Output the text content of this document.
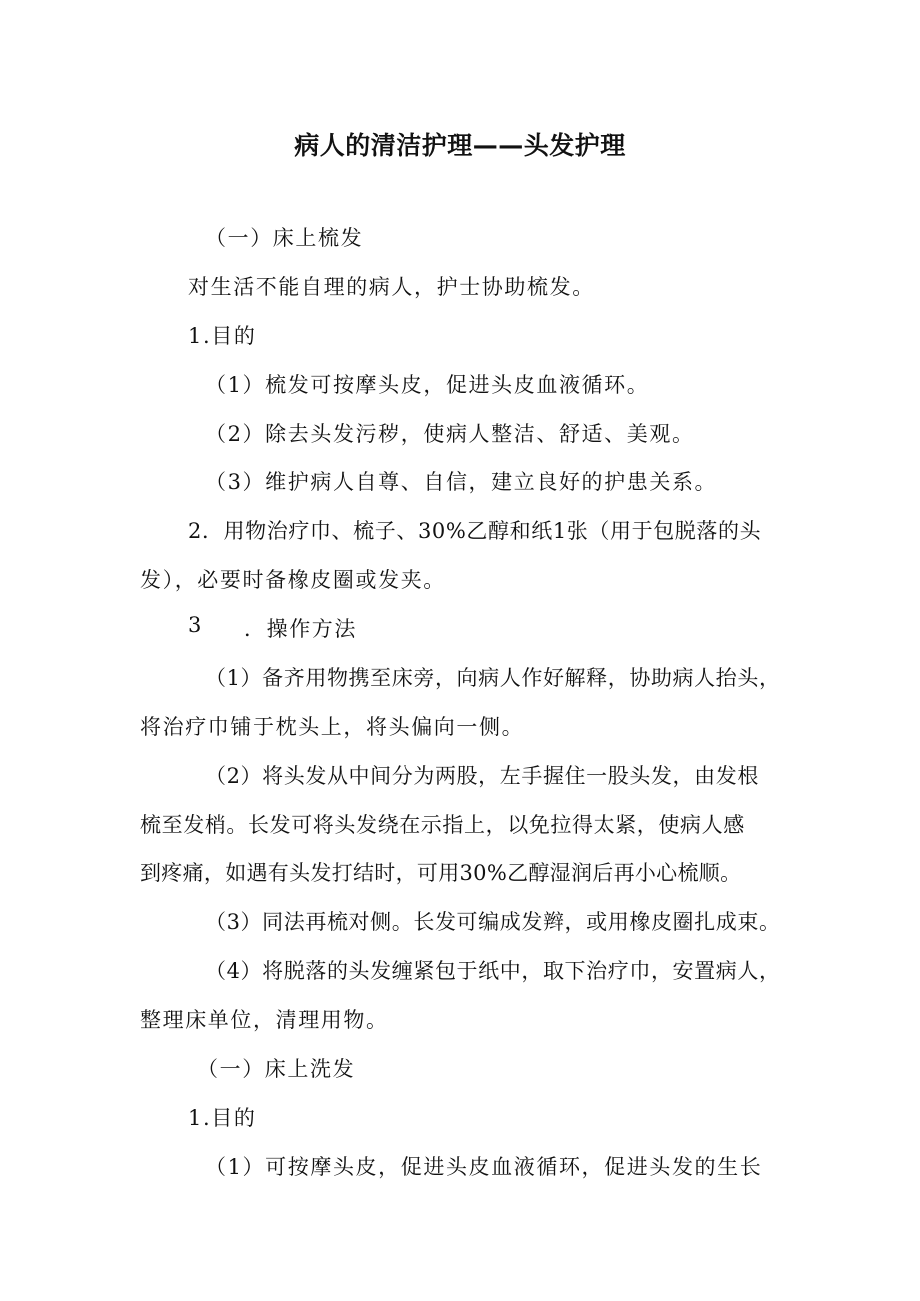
病人的清洁护理——头发护理
（一）床上梳发
对生活不能自理的病人，护士协助梳发。
1.目的
（1）梳发可按摩头皮，促进头皮血液循环。
（2）除去头发污秽，使病人整洁、舒适、美观。
（3）维护病人自尊、自信，建立良好的护患关系。
2．用物治疗巾、梳子、30%乙醇和纸1张（用于包脱落的头
发），必要时备橡皮圈或发夹。
3 ．操作方法
（1）备齐用物携至床旁，向病人作好解释，协助病人抬头，
将治疗巾铺于枕头上，将头偏向一侧。
（2）将头发从中间分为两股，左手握住一股头发，由发根
梳至发梢。长发可将头发绕在示指上，以免拉得太紧，使病人感
到疼痛，如遇有头发打结时，可用30%乙醇湿润后再小心梳顺。
（3）同法再梳对侧。长发可编成发辫，或用橡皮圈扎成束。
（4）将脱落的头发缠紧包于纸中，取下治疗巾，安置病人，
整理床单位，清理用物。
（一）床上洗发
1.目的
（1）可按摩头皮，促进头皮血液循环，促进头发的生长
